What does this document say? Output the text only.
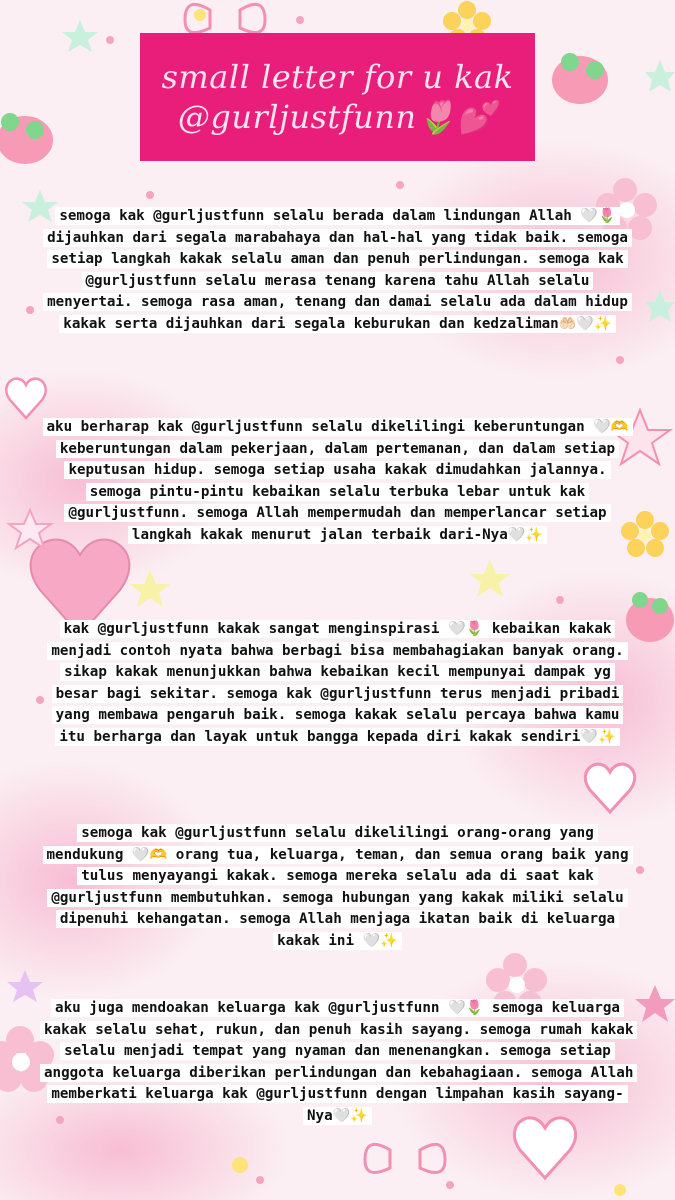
small letter for u kak
@gurljustfunn🌷💕

semoga kak @gurljustfunn selalu berada dalam lindungan Allah 🤍🌷 dijauhkan dari segala marabahaya dan hal-hal yang tidak baik. semoga setiap langkah kakak selalu aman dan penuh perlindungan. semoga kak @gurljustfunn selalu merasa tenang karena tahu Allah selalu menyertai. semoga rasa aman, tenang dan damai selalu ada dalam hidup kakak serta dijauhkan dari segala keburukan dan kedzaliman🤲🏻🤍✨

aku berharap kak @gurljustfunn selalu dikelilingi keberuntungan 🤍🫶 keberuntungan dalam pekerjaan, dalam pertemanan, dan dalam setiap keputusan hidup. semoga setiap usaha kakak dimudahkan jalannya. semoga pintu-pintu kebaikan selalu terbuka lebar untuk kak @gurljustfunn. semoga Allah mempermudah dan memperlancar setiap langkah kakak menurut jalan terbaik dari-Nya🤍✨

kak @gurljustfunn kakak sangat menginspirasi 🤍🌷 kebaikan kakak menjadi contoh nyata bahwa berbagi bisa membahagiakan banyak orang. sikap kakak menunjukkan bahwa kebaikan kecil mempunyai dampak yg besar bagi sekitar. semoga kak @gurljustfunn terus menjadi pribadi yang membawa pengaruh baik. semoga kakak selalu percaya bahwa kamu itu berharga dan layak untuk bangga kepada diri kakak sendiri🤍✨

semoga kak @gurljustfunn selalu dikelilingi orang-orang yang mendukung 🤍🫶 orang tua, keluarga, teman, dan semua orang baik yang tulus menyayangi kakak. semoga mereka selalu ada di saat kak @gurljustfunn membutuhkan. semoga hubungan yang kakak miliki selalu dipenuhi kehangatan. semoga Allah menjaga ikatan baik di keluarga kakak ini 🤍✨

aku juga mendoakan keluarga kak @gurljustfunn 🤍🌷 semoga keluarga kakak selalu sehat, rukun, dan penuh kasih sayang. semoga rumah kakak selalu menjadi tempat yang nyaman dan menenangkan. semoga setiap anggota keluarga diberikan perlindungan dan kebahagiaan. semoga Allah memberkati keluarga kak @gurljustfunn dengan limpahan kasih sayang-Nya🤍✨
